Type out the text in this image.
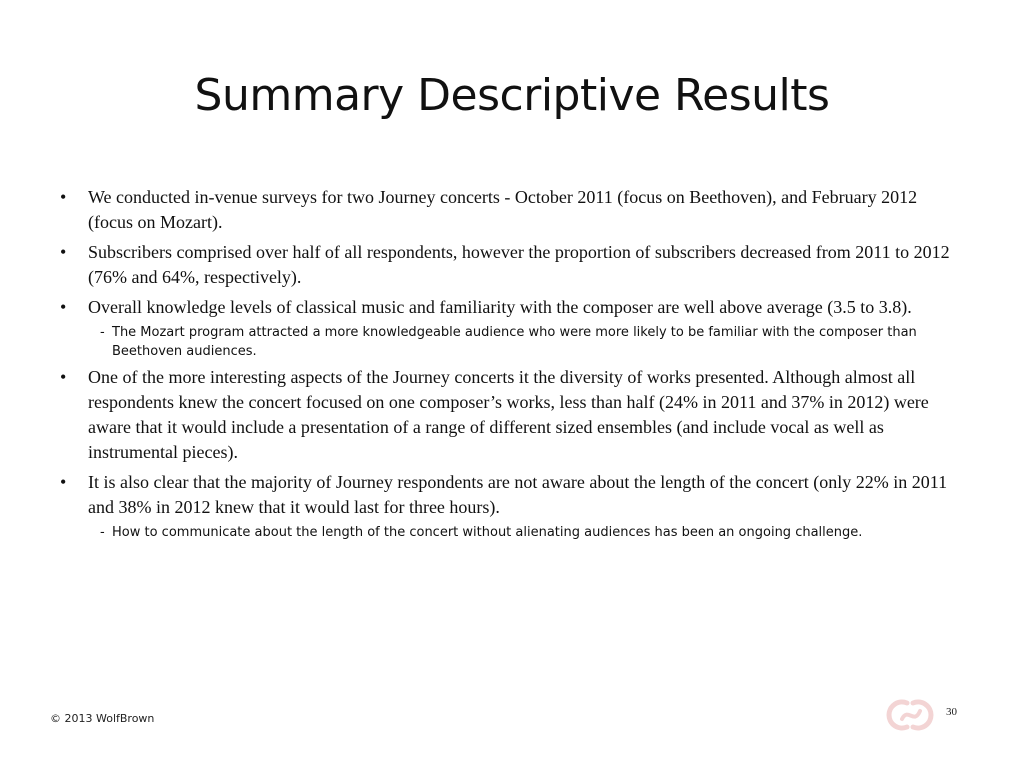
Summary Descriptive Results
• We conducted in-venue surveys for two Journey concerts - October 2011 (focus on Beethoven), and February 2012 (focus on Mozart).
• Subscribers comprised over half of all respondents, however the proportion of subscribers decreased from 2011 to 2012 (76% and 64%, respectively).
• Overall knowledge levels of classical music and familiarity with the composer are well above average (3.5 to 3.8).
- The Mozart program attracted a more knowledgeable audience who were more likely to be familiar with the composer than Beethoven audiences.
• One of the more interesting aspects of the Journey concerts it the diversity of works presented. Although almost all respondents knew the concert focused on one composer’s works, less than half (24% in 2011 and 37% in 2012) were aware that it would include a presentation of a range of different sized ensembles (and include vocal as well as instrumental pieces).
• It is also clear that the majority of Journey respondents are not aware about the length of the concert (only 22% in 2011 and 38% in 2012 knew that it would last for three hours).
- How to communicate about the length of the concert without alienating audiences has been an ongoing challenge.
© 2013 WolfBrown	30
